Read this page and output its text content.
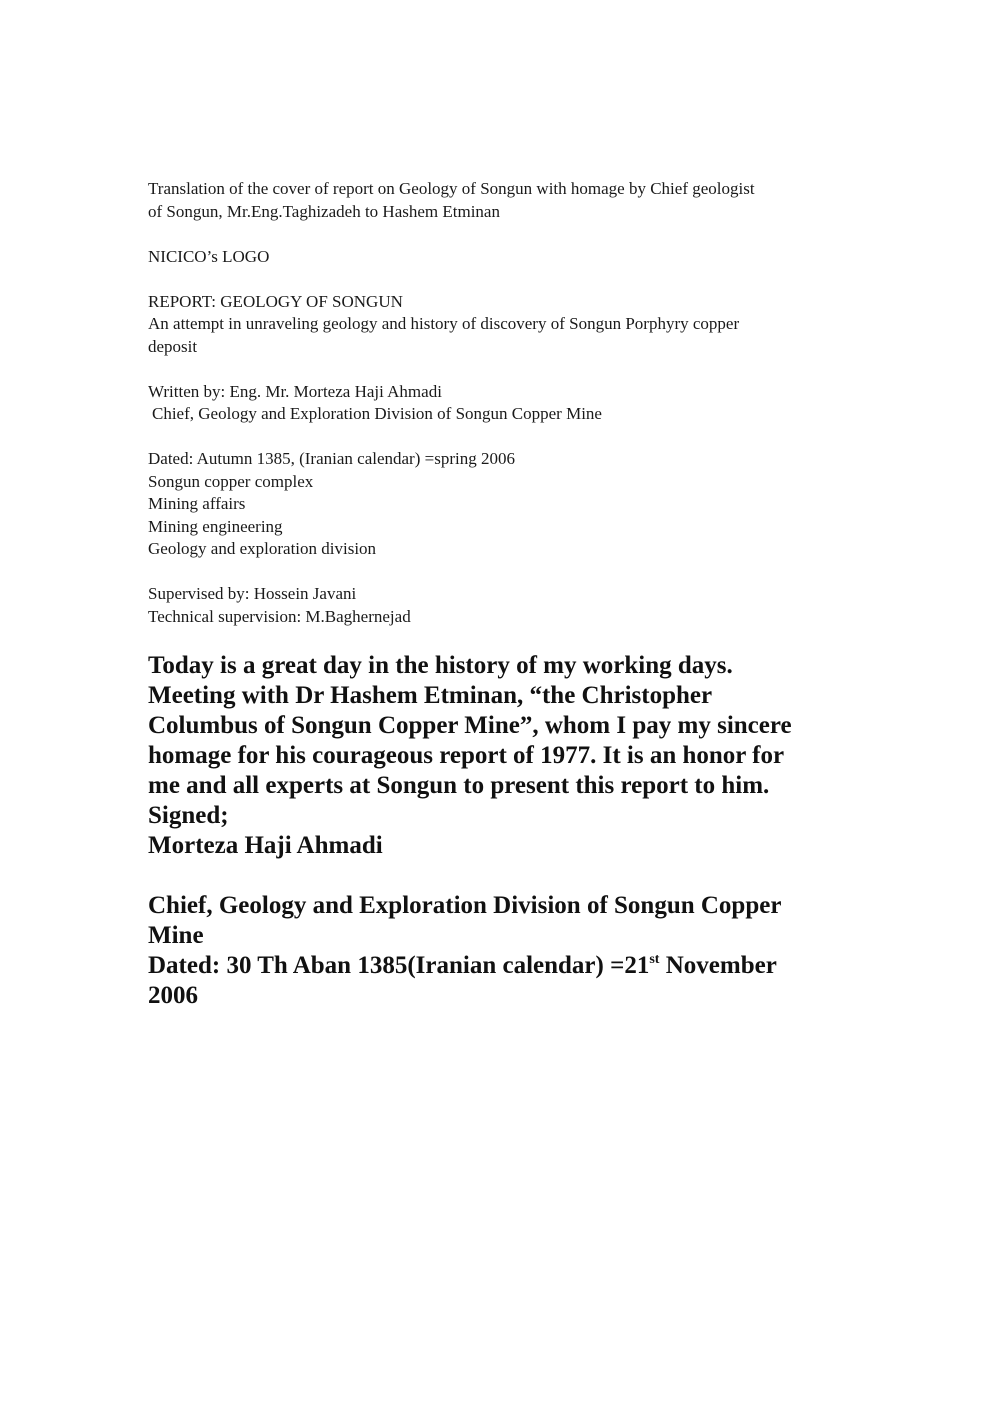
Translation of the cover of report on Geology of Songun with homage by Chief geologist

of Songun, Mr.Eng.Taghizadeh to Hashem Etminan

NICICO’s LOGO

REPORT: GEOLOGY OF SONGUN

An attempt in unraveling geology and history of discovery of Songun Porphyry copper

deposit

Written by: Eng. Mr. Morteza Haji Ahmadi

Chief, Geology and Exploration Division of Songun Copper Mine

Dated: Autumn 1385, (Iranian calendar) =spring 2006

Songun copper complex

Mining affairs

Mining engineering

Geology and exploration division

Supervised by: Hossein Javani

Technical supervision: M.Baghernejad

Today is a great day in the history of my working days.

Meeting with Dr Hashem Etminan, “the Christopher

Columbus of Songun Copper Mine”, whom I pay my sincere

homage for his courageous report of 1977. It is an honor for

me and all experts at Songun to present this report to him.

Signed;

Morteza Haji Ahmadi

Chief, Geology and Exploration Division of Songun Copper

Mine

Dated: 30 Th Aban 1385(Iranian calendar) =21st November

2006
